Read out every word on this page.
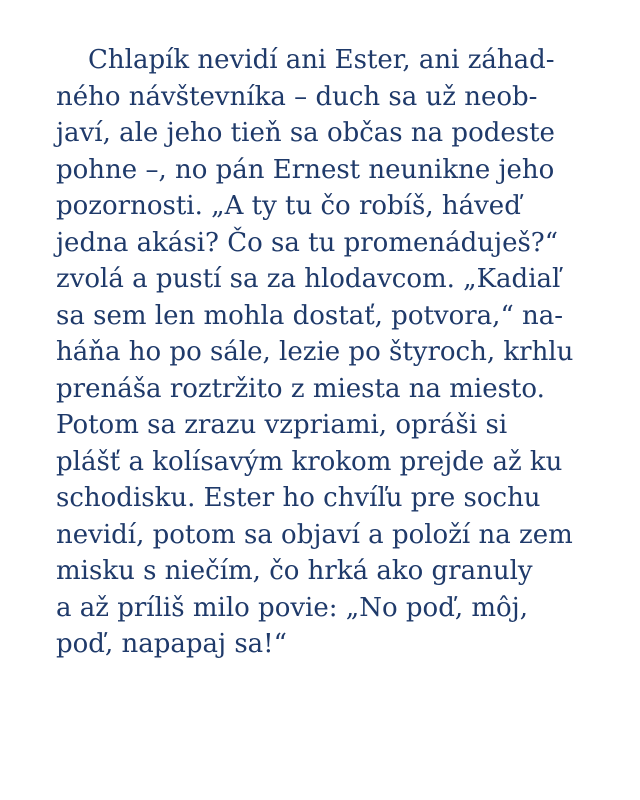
Chlapík nevidí ani Ester, ani záhad-
ného návštevníka – duch sa už neob-
javí, ale jeho tieň sa občas na podeste
pohne –, no pán Ernest neunikne jeho
pozornosti. „A ty tu čo robíš, háveď
jedna akási? Čo sa tu promenáduješ?“
zvolá a pustí sa za hlodavcom. „Kadiaľ
sa sem len mohla dostať, potvora,“ na-
háňa ho po sále, lezie po štyroch, krhlu
prenáša roztržito z miesta na miesto.
Potom sa zrazu vzpriami, opráši si
plášť a kolísavým krokom prejde až ku
schodisku. Ester ho chvíľu pre sochu
nevidí, potom sa objaví a položí na zem
misku s niečím, čo hrká ako granuly
a až príliš milo povie: „No poď, môj,
poď, napapaj sa!“
